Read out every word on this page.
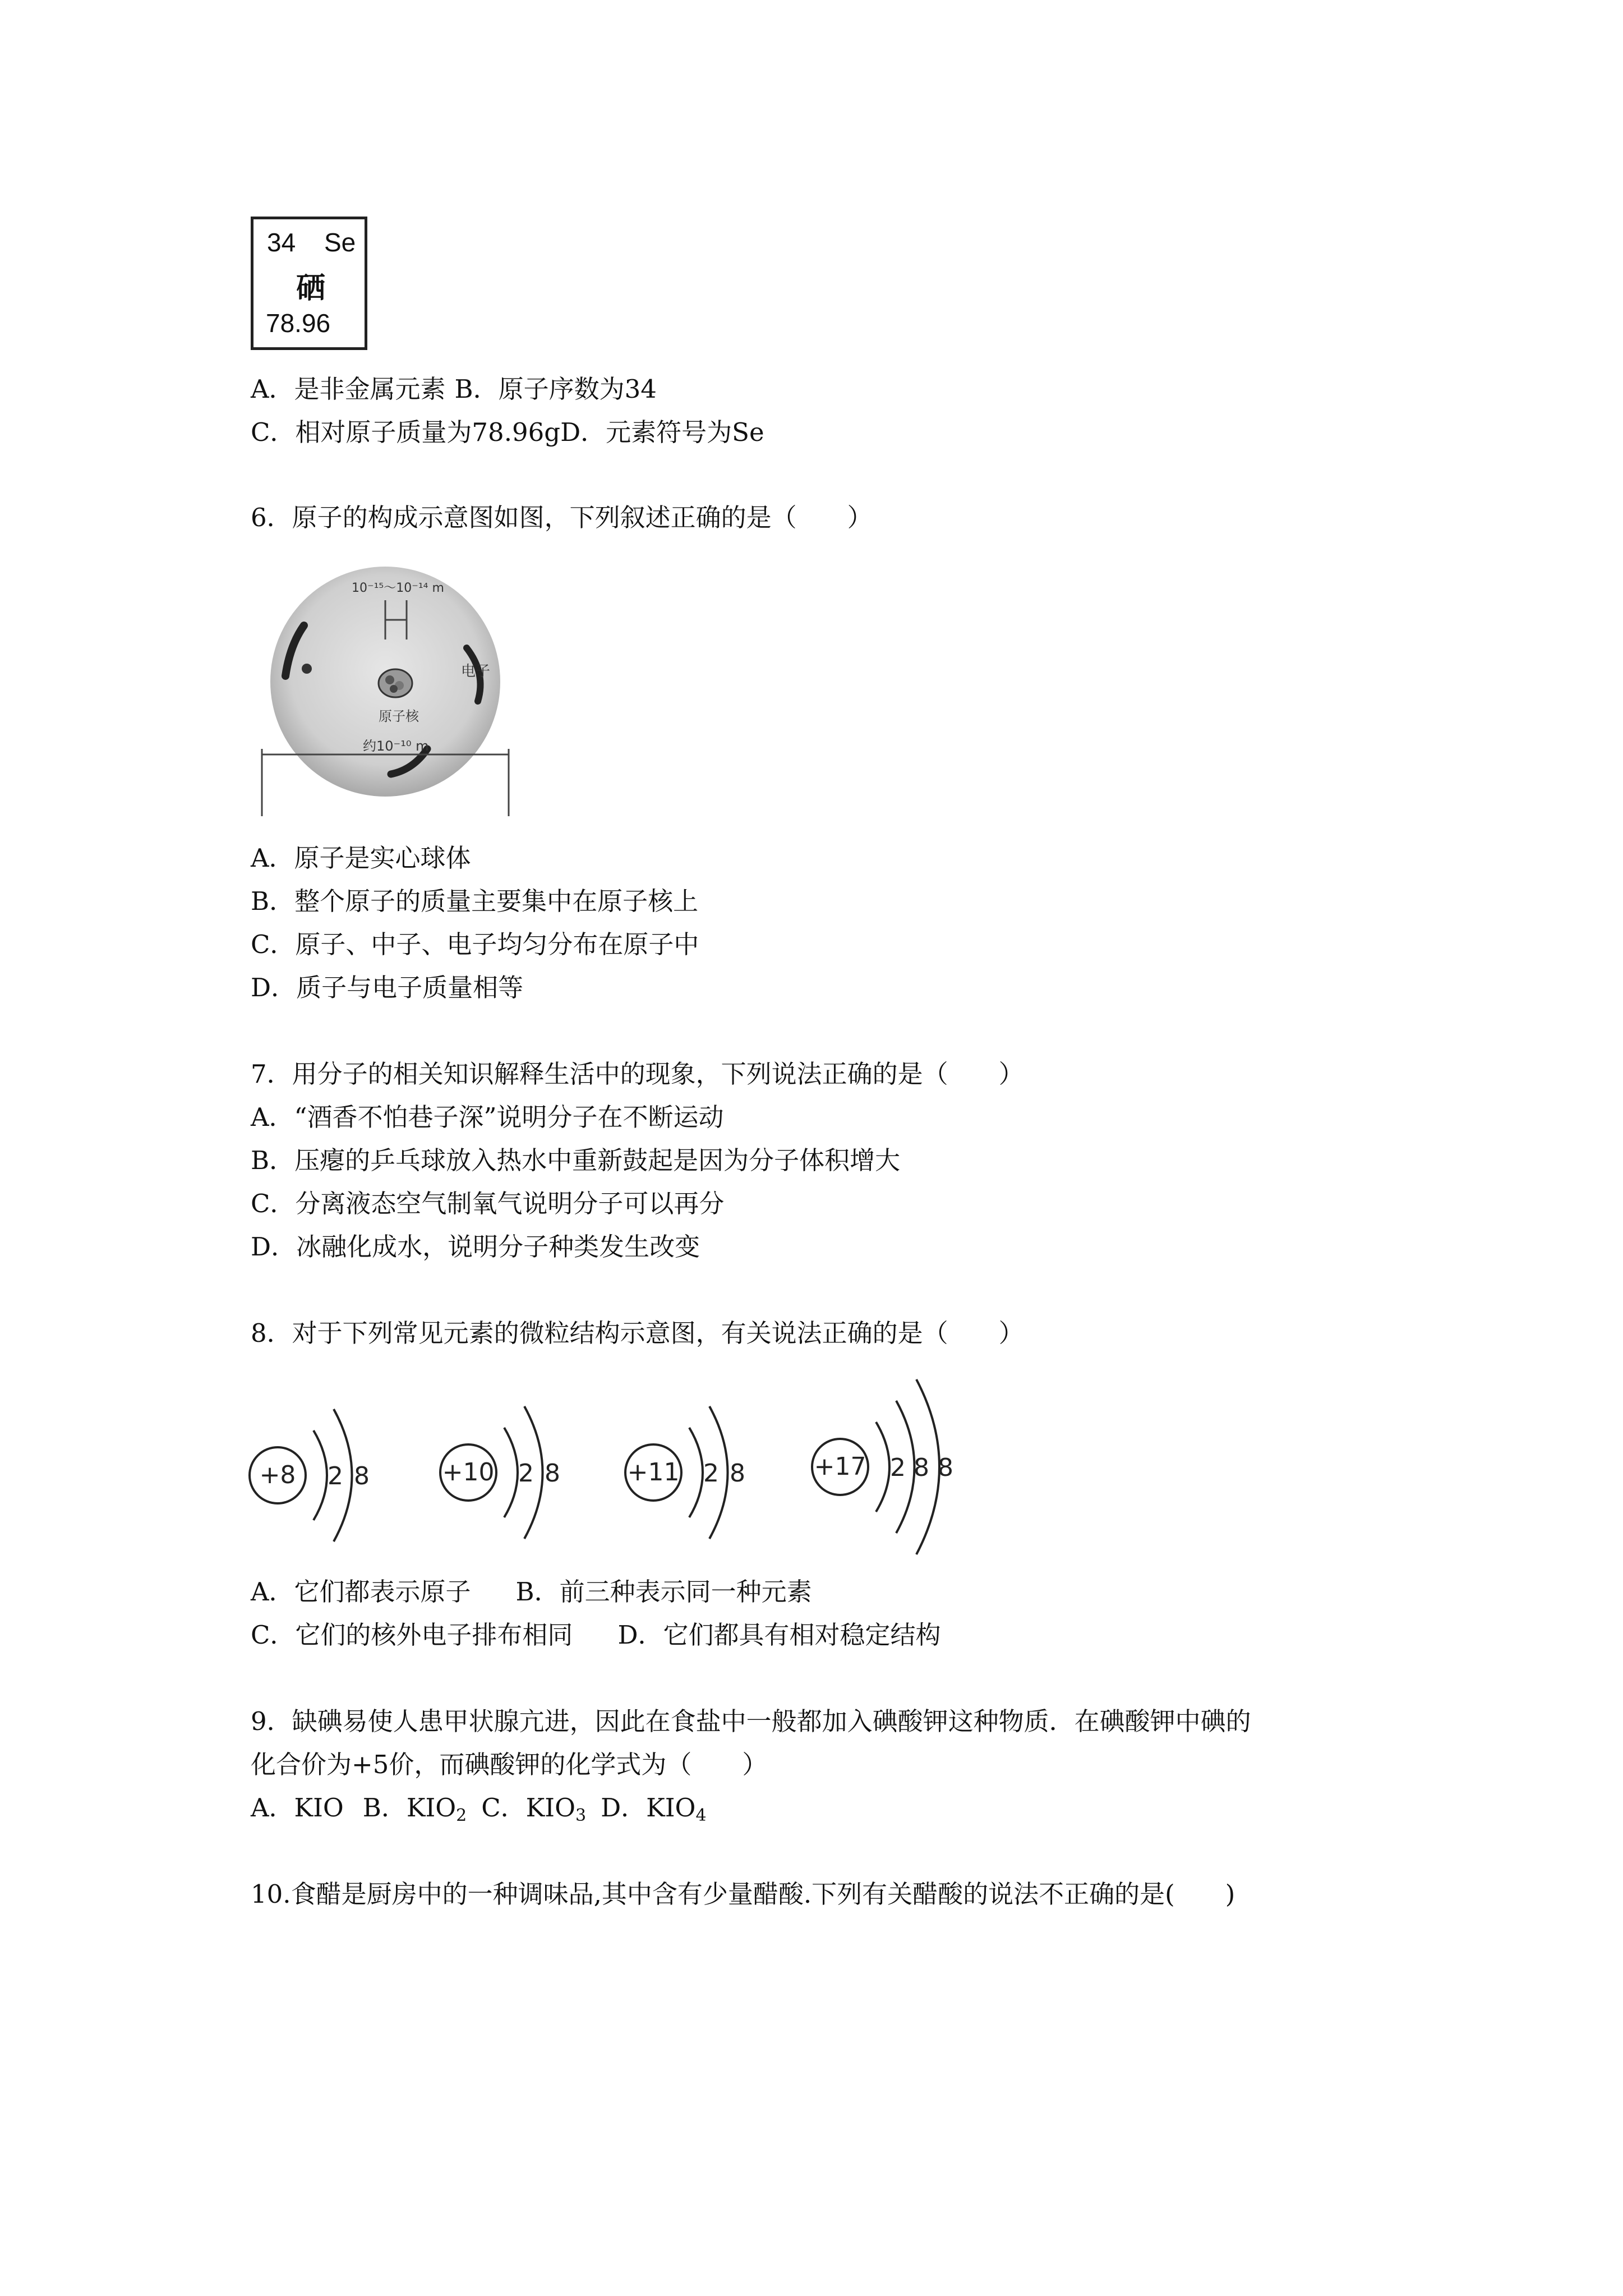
34 Se
硒
78.96
A．是非金属元素 B．原子序数为34
C．相对原子质量为78.96gD．元素符号为Se
6．原子的构成示意图如图，下列叙述正确的是（　　）
10⁻¹⁵～10⁻¹⁴ m
原子核
电子
约10⁻¹⁰ m
A．原子是实心球体
B．整个原子的质量主要集中在原子核上
C．原子、中子、电子均匀分布在原子中
D．质子与电子质量相等
7．用分子的相关知识解释生活中的现象，下列说法正确的是（　　）
A．“酒香不怕巷子深”说明分子在不断运动
B．压瘪的乒乓球放入热水中重新鼓起是因为分子体积增大
C．分离液态空气制氧气说明分子可以再分
D．冰融化成水，说明分子种类发生改变
8．对于下列常见元素的微粒结构示意图，有关说法正确的是（　　）
+8 2 8	+10 2 8	+11 2 8	+17 2 8 8
A．它们都表示原子 B．前三种表示同一种元素
C．它们的核外电子排布相同 D．它们都具有相对稳定结构
9．缺碘易使人患甲状腺亢进，因此在食盐中一般都加入碘酸钾这种物质．在碘酸钾中碘的
化合价为+5价，而碘酸钾的化学式为（　　）
A．KIO B．$KIO_2$ C．$KIO_3$ D．$KIO_4$
10.食醋是厨房中的一种调味品,其中含有少量醋酸.下列有关醋酸的说法不正确的是(　　)
